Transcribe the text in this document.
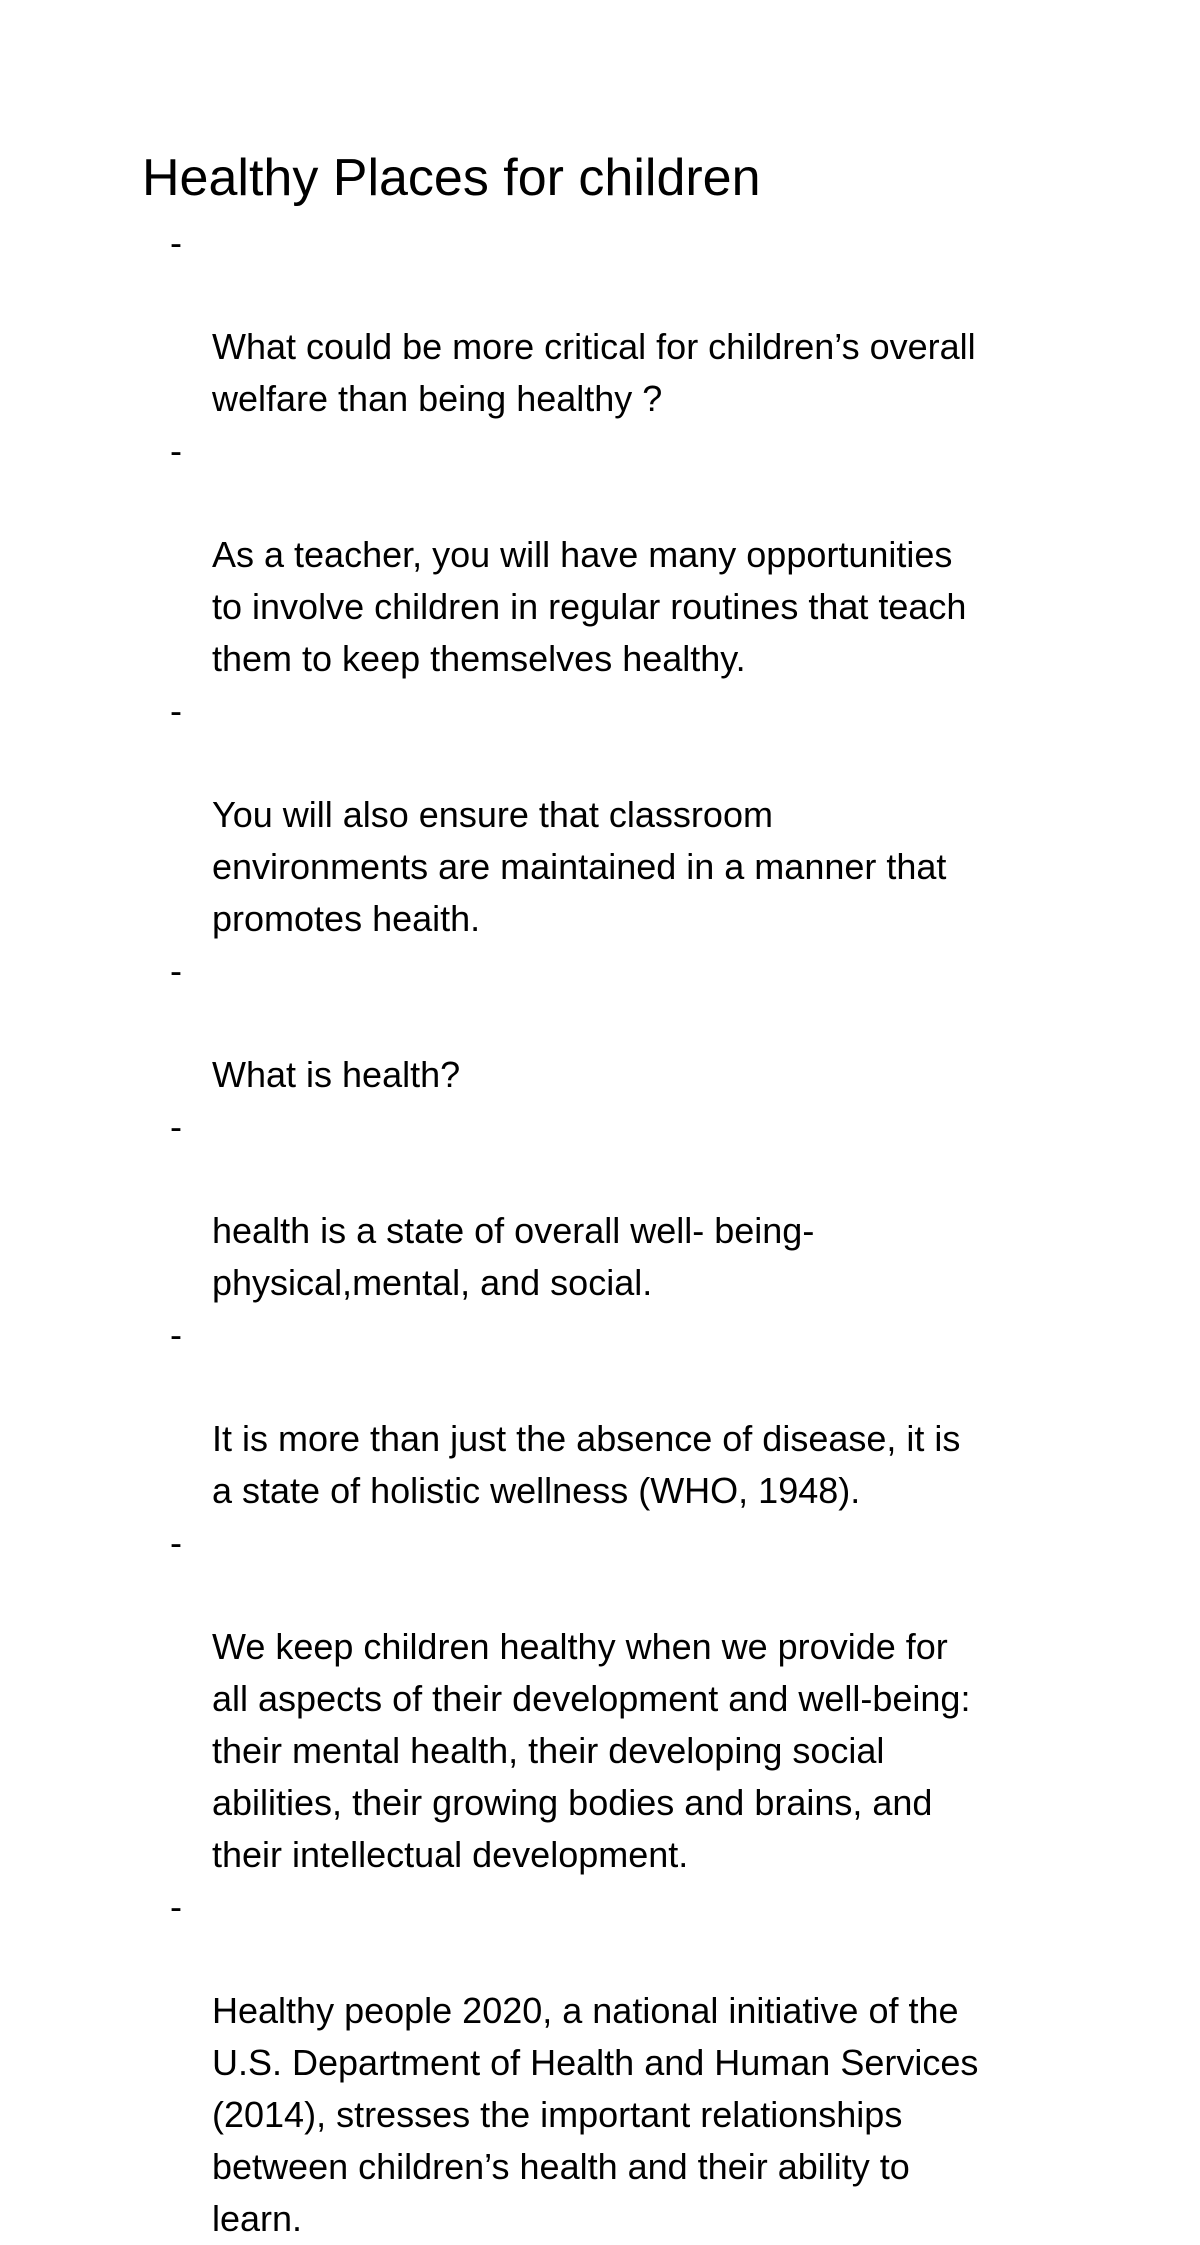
Healthy Places for children

-

What could be more critical for children’s overall
welfare than being healthy ?

-

As a teacher, you will have many opportunities
to involve children in regular routines that teach
them to keep themselves healthy.

-

You will also ensure that classroom
environments are maintained in a manner that
promotes heaith.

-

What is health?

-

health is a state of overall well- being-
physical,mental, and social.

-

It is more than just the absence of disease, it is
a state of holistic wellness (WHO, 1948).

-

We keep children healthy when we provide for
all aspects of their development and well-being:
their mental health, their developing social
abilities, their growing bodies and brains, and
their intellectual development.

-

Healthy people 2020, a national initiative of the
U.S. Department of Health and Human Services
(2014), stresses the important relationships
between children’s health and their ability to
learn.
